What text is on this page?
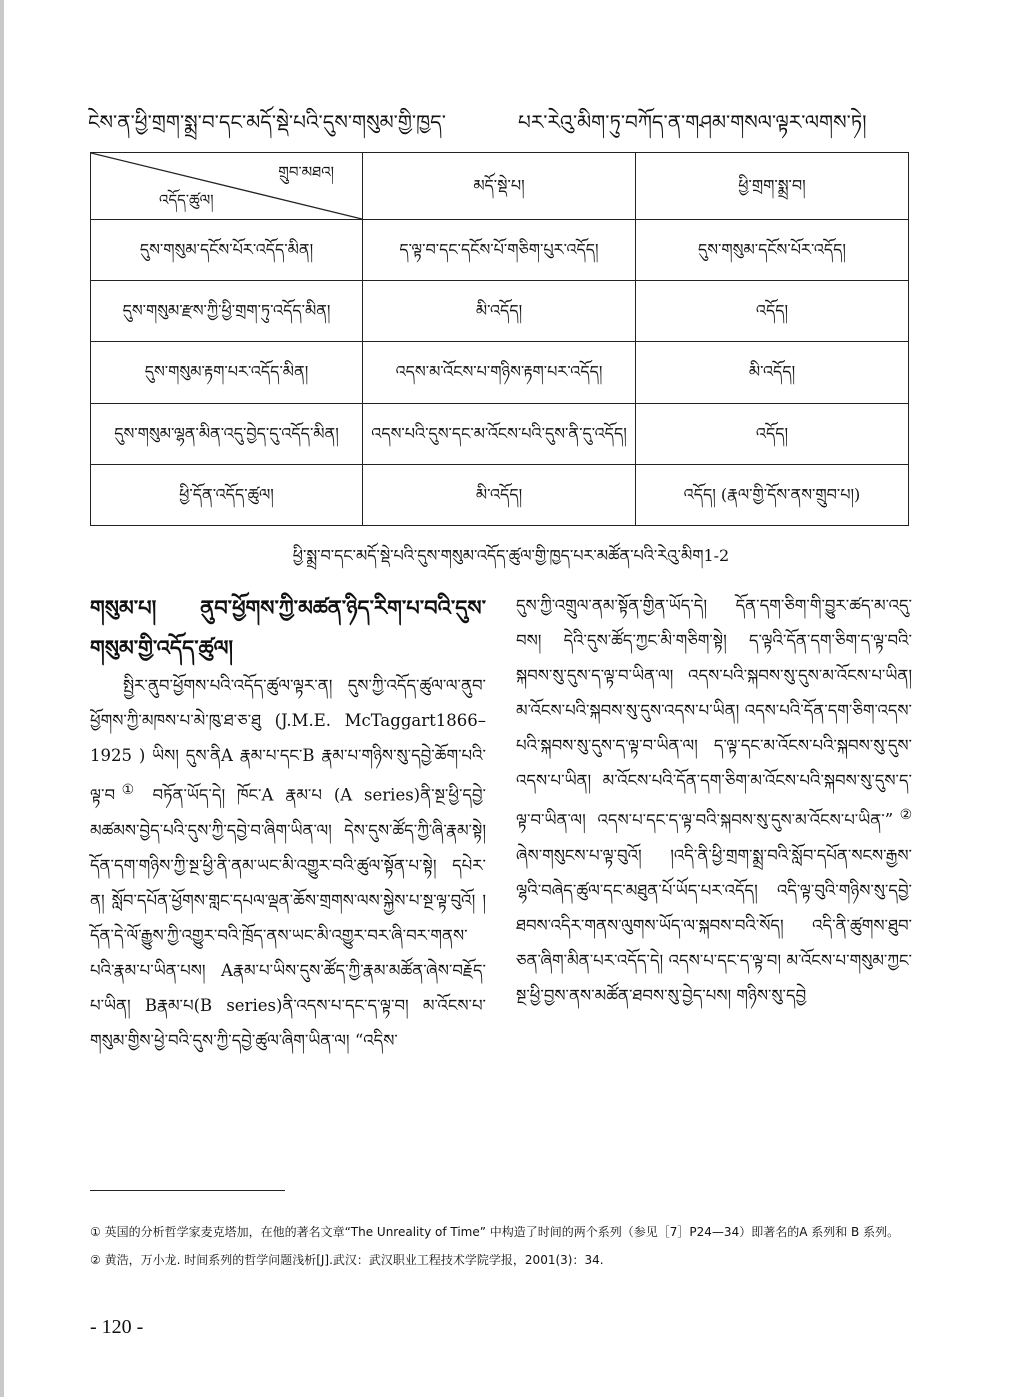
ངེས་ན་ཕྱི་གྲག་སྨྲ་བ་དང་མདོ་སྡེ་པའི་དུས་གསུམ་གྱི་ཁྱད་	པར་རེའུ་མིག་ཏུ་བཀོད་ན་གཤམ་གསལ་ལྟར་ལགས་ཏེ།
གྲུབ་མཐའ།
འདོད་ཚུལ།	མདོ་སྡེ་པ།	ཕྱི་གྲག་སྨྲ་བ།
དུས་གསུམ་དངོས་པོར་འདོད་མིན།	ད་ལྟ་བ་དང་དངོས་པོ་གཅིག་པུར་འདོད།	དུས་གསུམ་དངོས་པོར་འདོད།
དུས་གསུམ་རྫས་ཀྱི་ཕྱི་གྲག་ཏུ་འདོད་མིན།	མི་འདོད།	འདོད།
དུས་གསུམ་རྟག་པར་འདོད་མིན།	འདས་མ་འོངས་པ་གཉིས་རྟག་པར་འདོད།	མི་འདོད།
དུས་གསུམ་ལྷན་མིན་འདུ་བྱེད་དུ་འདོད་མིན།	འདས་པའི་དུས་དང་མ་འོངས་པའི་དུས་ནི་དུ་འདོད།	འདོད།
ཕྱི་དོན་འདོད་ཚུལ།	མི་འདོད།	འདོད། (རྣལ་གྱི་དོས་ནས་གྲུབ་པ།)
ཕྱི་སྨྲ་བ་དང་མདོ་སྡེ་པའི་དུས་གསུམ་འདོད་ཚུལ་གྱི་ཁྱད་པར་མཚོན་པའི་རེའུ་མིག1-2
གསུམ་པ། ནུབ་ཕྱོགས་ཀྱི་མཚན་ཉིད་རིག་པ་བའི་དུས་གསུམ་གྱི་འདོད་ཚུལ།

སྤྱིར་ནུབ་ཕྱོགས་པའི་འདོད་ཚུལ་ལྟར་ན། དུས་ཀྱི་འདོད་ཚུལ་ལ་ནུབ་ཕྱོགས་ཀྱི་མཁས་པ་མེ་ཁུ་ཐ་ཅ་ཐུ (J.M.E. McTaggart1866–1925 ) ཡིས། དུས་ནིA རྣམ་པ་དང་B རྣམ་པ་གཉིས་སུ་དབྱེ་ཆོག་པའི་ལྟ་བ① བཏོན་ཡོད་དེ། ཁོང་A རྣམ་པ (A series)ནི་སྔ་ཕྱི་དབྱེ་མཚམས་བྱེད་པའི་དུས་ཀྱི་དབྱེ་བ་ཞིག་ཡིན་ལ། དེས་དུས་ཚོད་ཀྱི་ཞི་རྣམ་སྟེ། དོན་དག་གཉིས་ཀྱི་སྔ་ཕྱི་ནི་ནམ་ཡང་མི་འགྱུར་བའི་ཚུལ་སྟོན་པ་སྟེ། དཔེར་ན། སློབ་དཔོན་ཕྱོགས་གླང་དཔལ་ལྡན་ཆོས་གྲགས་ལས་སྐྱེས་པ་སྔ་ལྟ་བུའོ། །དོན་དེ་ལོ་རྒྱུས་ཀྱི་འགྱུར་བའི་ཁྲོད་ནས་ཡང་མི་འགྱུར་བར་ཞི་བར་གནས་པའི་རྣམ་པ་ཡིན་པས། Aརྣམ་པ་ཡིས་དུས་ཚོད་ཀྱི་རྣམ་མཚོན་ཞེས་བརྗོད་པ་ཡིན། Bརྣམ་པ(B series)ནི་འདས་པ་དང་ད་ལྟ་བ། མ་འོངས་པ་གསུམ་གྱིས་ཕྱེ་བའི་དུས་ཀྱི་དབྱེ་ཚུལ་ཞིག་ཡིན་ལ། “འདིས་

དུས་ཀྱི་འགྲུལ་ནམ་སྟོན་གྱིན་ཡོད་དེ། དོན་དག་ཅིག་གི་བྱུར་ཚད་མ་འདུ་བས། དེའི་དུས་ཚོད་ཀྱང་མི་གཅིག་སྟེ། ད་ལྟའི་དོན་དག་ཅིག་ད་ལྟ་བའི་སྐབས་སུ་དུས་ད་ལྟ་བ་ཡིན་ལ། འདས་པའི་སྐབས་སུ་དུས་མ་འོངས་པ་ཡིན། མ་འོངས་པའི་སྐབས་སུ་དུས་འདས་པ་ཡིན། འདས་པའི་དོན་དག་ཅིག་འདས་པའི་སྐབས་སུ་དུས་ད་ལྟ་བ་ཡིན་ལ། ད་ལྟ་དང་མ་འོངས་པའི་སྐབས་སུ་དུས་འདས་པ་ཡིན། མ་འོངས་པའི་དོན་དག་ཅིག་མ་འོངས་པའི་སྐབས་སུ་དུས་ད་ལྟ་བ་ཡིན་ལ། འདས་པ་དང་ད་ལྟ་བའི་སྐབས་སུ་དུས་མ་འོངས་པ་ཡིན་”② ཞེས་གསུངས་པ་ལྟ་བུའོ། །འདི་ནི་ཕྱི་གྲག་སྨྲ་བའི་སློབ་དཔོན་སངས་རྒྱས་ལྷའི་བཞེད་ཚུལ་དང་མཐུན་པོ་ཡོད་པར་འདོད། འདི་ལྟ་བུའི་གཉིས་སུ་དབྱེ་ཐབས་འདིར་གནས་ལུགས་ཡོད་ལ་སྐབས་བའི་སོད། འདི་ནི་ཚུགས་ཐུབ་ཅན་ཞིག་མིན་པར་འདོད་དེ། འདས་པ་དང་ད་ལྟ་བ། མ་འོངས་པ་གསུམ་ཀྱང་སྔ་ཕྱི་བྱས་ནས་མཚོན་ཐབས་སུ་བྱེད་པས། གཉིས་སུ་དབྱེ

① 英国的分析哲学家麦克塔加，在他的著名文章“The Unreality of Time” 中构造了时间的两个系列（参见［7］P24—34）即著名的A 系列和 B 系列。

② 黄浩，万小龙. 时间系列的哲学问题浅析[J].武汉：武汉职业工程技术学院学报，2001(3)：34.

- 120 -
